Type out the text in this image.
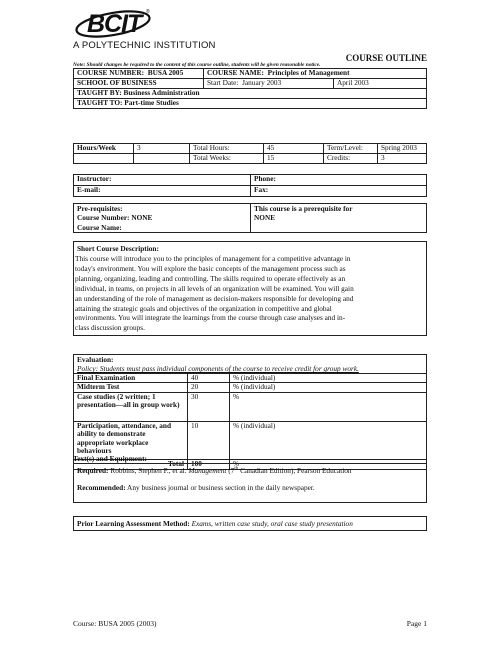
BCIT ®
A POLYTECHNIC INSTITUTION
COURSE OUTLINE
Note: Should changes be required to the content of this course outline, students will be given reasonable notice.
COURSE NUMBER: BUSA 2005	COURSE NAME: Principles of Management	
SCHOOL OF BUSINESS	Start Date: January 2003	April 2003
TAUGHT BY: Business Administration		
TAUGHT TO: Part-time Studies		
Hours/Week	3	Total Hours:	45	Term/Level:	Spring 2003
		Total Weeks:	15	Credits:	3
Instructor:	Phone:
E-mail:	Fax:
Pre-requisites:
Course Number: NONE
Course Name:

This course is a prerequisite for
NONE
Short Course Description:
This course will introduce you to the principles of management for a competitive advantage in
today's environment. You will explore the basic concepts of the management process such as
planning, organizing, leading and controlling. The skills required to operate effectively as an
individual, in teams, on projects in all levels of an organization will be examined. You will gain
an understanding of the role of management as decision-makers responsible for developing and
attaining the strategic goals and objectives of the organization in competitive and global
environments. You will integrate the learnings from the course through case analyses and in-
class discussion groups.
Evaluation:
Policy: Students must pass individual components of the course to receive credit for group work.
Final Examination	40	% (individual)
Midterm Test	20	% (individual)
Case studies (2 written; 1 presentation—all in group work)	30	%
Participation, attendance, and ability to demonstrate appropriate workplace behaviours	10	% (individual)
Total	100	%
Text(s) and Equipment:
Required: Robbins, Stephen P., et al. Management (7th Canadian Edition), Pearson Education
Recommended: Any business journal or business section in the daily newspaper.
Prior Learning Assessment Method: Exams, written case study, oral case study presentation
Course: BUSA 2005 (2003)	Page 1
